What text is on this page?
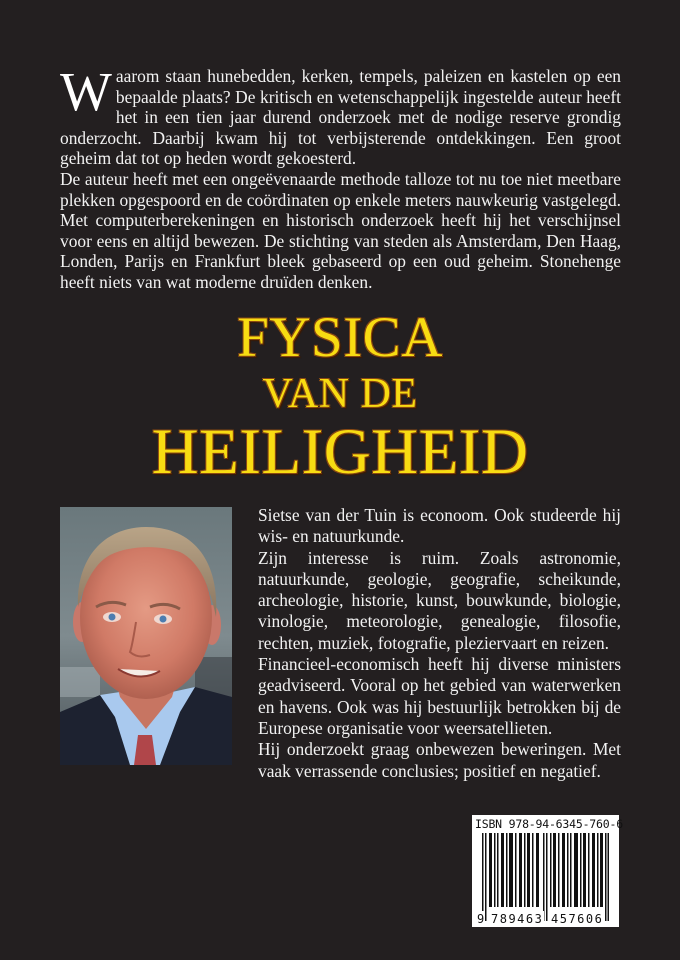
Waarom staan hunebedden, kerken, tempels, paleizen en kastelen op een bepaalde plaats? De kritisch en wetenschappelijk ingestelde auteur heeft het in een tien jaar durend onderzoek met de nodige reserve grondig onderzocht. Daarbij kwam hij tot verbijsterende ontdekkingen. Een groot geheim dat tot op heden wordt gekoesterd.

De auteur heeft met een ongeëvenaarde methode talloze tot nu toe niet meetbare plekken opgespoord en de coördinaten op enkele meters nauwkeurig vastgelegd. Met computerberekeningen en historisch onderzoek heeft hij het verschijnsel voor eens en altijd bewezen. De stichting van steden als Amsterdam, Den Haag, Londen, Parijs en Frankfurt bleek gebaseerd op een oud geheim. Stonehenge heeft niets van wat moderne druïden denken.

FYSICA
VAN DE
HEILIGHEID

Sietse van der Tuin is econoom. Ook studeerde hij wis- en natuurkunde.

Zijn interesse is ruim. Zoals astronomie, natuurkunde, geologie, geografie, scheikunde, archeologie, historie, kunst, bouwkunde, biologie, vinologie, meteorologie, genealogie, filosofie, rechten, muziek, fotografie, pleziervaart en reizen.

Financieel-economisch heeft hij diverse ministers geadviseerd. Vooral op het gebied van waterwerken en havens. Ook was hij bestuurlijk betrokken bij de Europese organisatie voor weersatellieten.

Hij onderzoekt graag onbewezen beweringen. Met vaak verrassende conclusies; positief en negatief.

ISBN 978-94-6345-760-6
9 789463 457606
